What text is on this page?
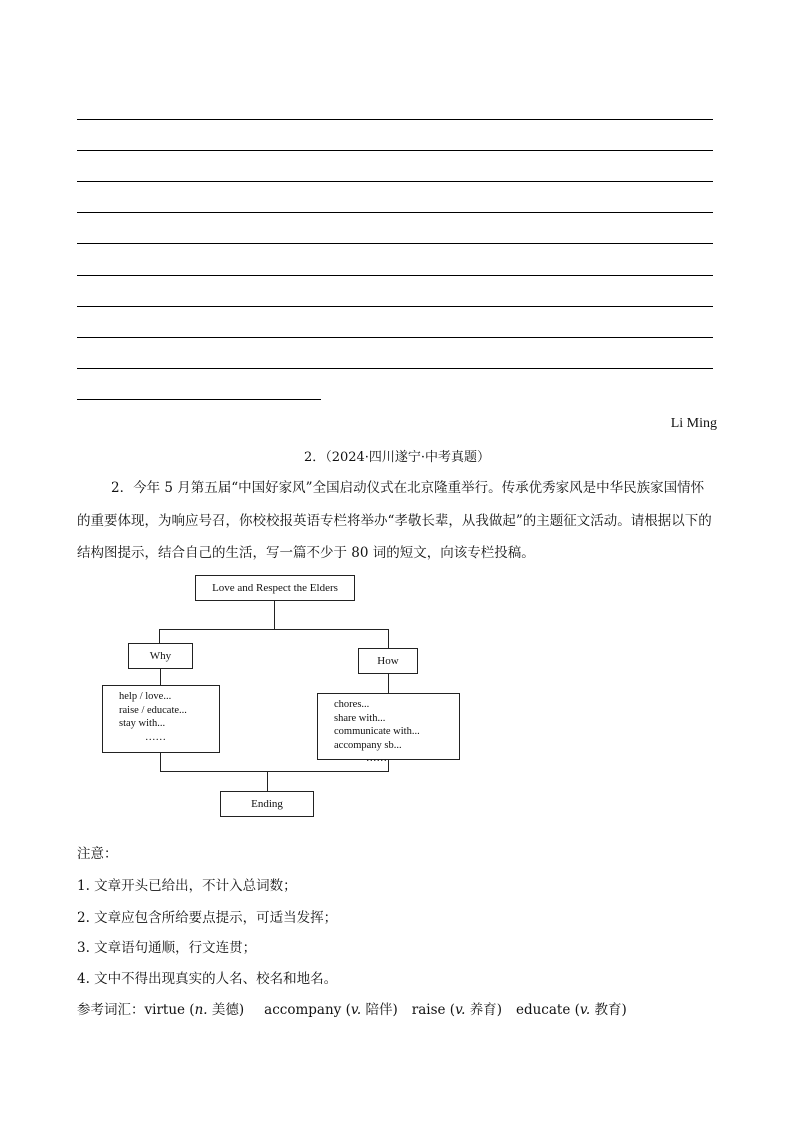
Li Ming
2．（2024·四川遂宁·中考真题）
2．今年 5 月第五届“中国好家风”全国启动仪式在北京隆重举行。传承优秀家风是中华民族家国情怀的重要体现，为响应号召，你校校报英语专栏将举办“孝敬长辈，从我做起”的主题征文活动。请根据以下的结构图提示，结合自己的生活，写一篇不少于 80 词的短文，向该专栏投稿。
Love and Respect the Elders
Why	How
help / love...
raise / educate...
stay with...
……
chores...
share with...
communicate with...
accompany sb...
……
Ending
注意：
1. 文章开头已给出，不计入总词数；
2. 文章应包含所给要点提示，可适当发挥；
3. 文章语句通顺，行文连贯；
4. 文中不得出现真实的人名、校名和地名。
参考词汇：virtue (n. 美德) accompany (v. 陪伴) raise (v. 养育) educate (v. 教育)
